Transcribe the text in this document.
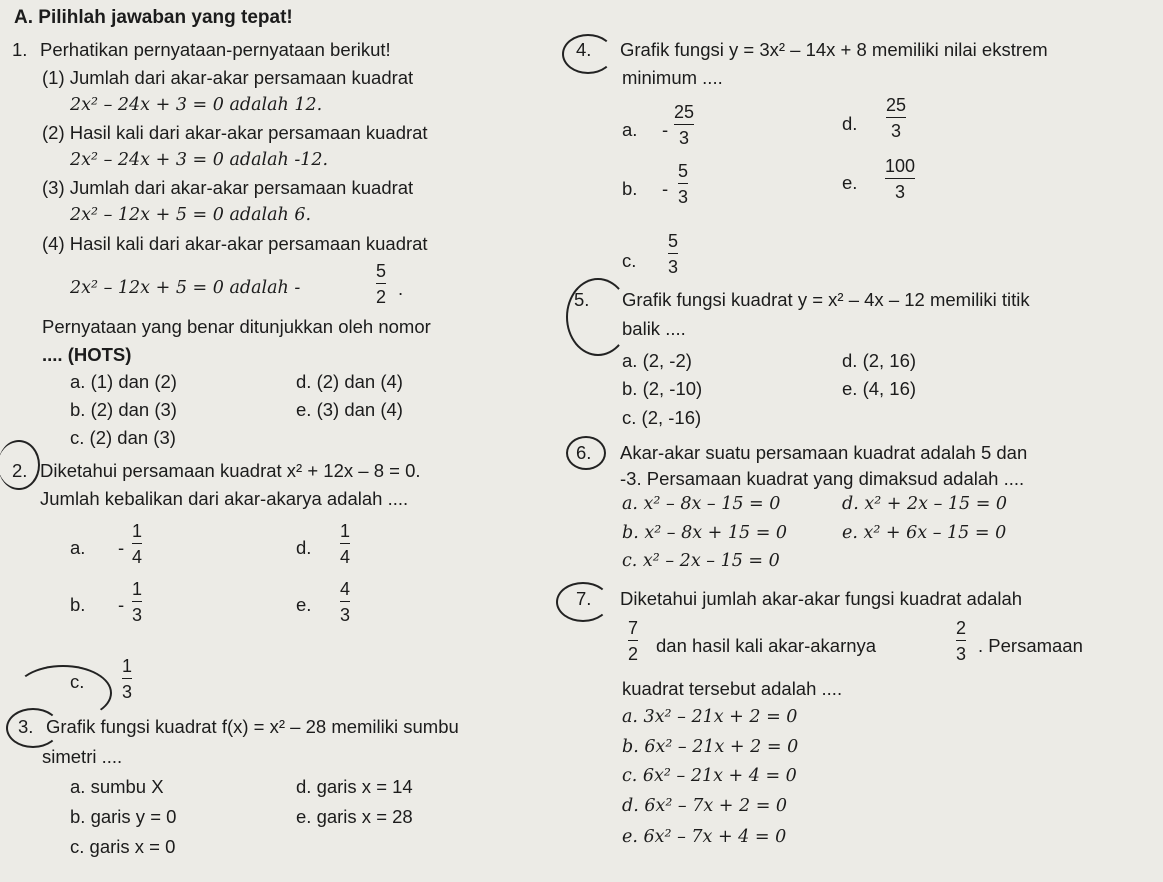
A. Pilihlah jawaban yang tepat!
1. Perhatikan pernyataan-pernyataan berikut!
(1) Jumlah dari akar-akar persamaan kuadrat
2x² – 24x + 3 = 0 adalah 12.
(2) Hasil kali dari akar-akar persamaan kuadrat
2x² – 24x + 3 = 0 adalah -12.
(3) Jumlah dari akar-akar persamaan kuadrat
2x² – 12x + 5 = 0 adalah 6.
(4) Hasil kali dari akar-akar persamaan kuadrat
2x² – 12x + 5 = 0 adalah -
5
2 .
Pernyataan yang benar ditunjukkan oleh nomor
.... (HOTS)
a. (1) dan (2)
b. (2) dan (3)
c. (2) dan (3)
d. (2) dan (4)
e. (3) dan (4)
2. Diketahui persamaan kuadrat x² + 12x – 8 = 0.
Jumlah kebalikan dari akar-akarya adalah ....
a. -
1
4
b. -
1
3
c.
1
3
d.
1
4
e.
4
3
3. Grafik fungsi kuadrat f(x) = x² – 28 memiliki sumbu
simetri ....
a. sumbu X
b. garis y = 0
c. garis x = 0
d. garis x = 14
e. garis x = 28
4. Grafik fungsi y = 3x² – 14x + 8 memiliki nilai ekstrem
minimum ....
a. -
25
3
b. -
5
3
c.
5
3
d.
25
3
e.
100
3
5. Grafik fungsi kuadrat y = x² – 4x – 12 memiliki titik
balik ....
a. (2, -2)
b. (2, -10)
c. (2, -16)
d. (2, 16)
e. (4, 16)
6. Akar-akar suatu persamaan kuadrat adalah 5 dan
-3. Persamaan kuadrat yang dimaksud adalah ....
a. x² – 8x – 15 = 0
b. x² – 8x + 15 = 0
c. x² – 2x – 15 = 0
d. x² + 2x – 15 = 0
e. x² + 6x – 15 = 0
7. Diketahui jumlah akar-akar fungsi kuadrat adalah
7
2 dan hasil kali akar-akarnya
2
3 . Persamaan
kuadrat tersebut adalah ....
a. 3x² – 21x + 2 = 0
b. 6x² – 21x + 2 = 0
c. 6x² – 21x + 4 = 0
d. 6x² – 7x + 2 = 0
e. 6x² – 7x + 4 = 0
